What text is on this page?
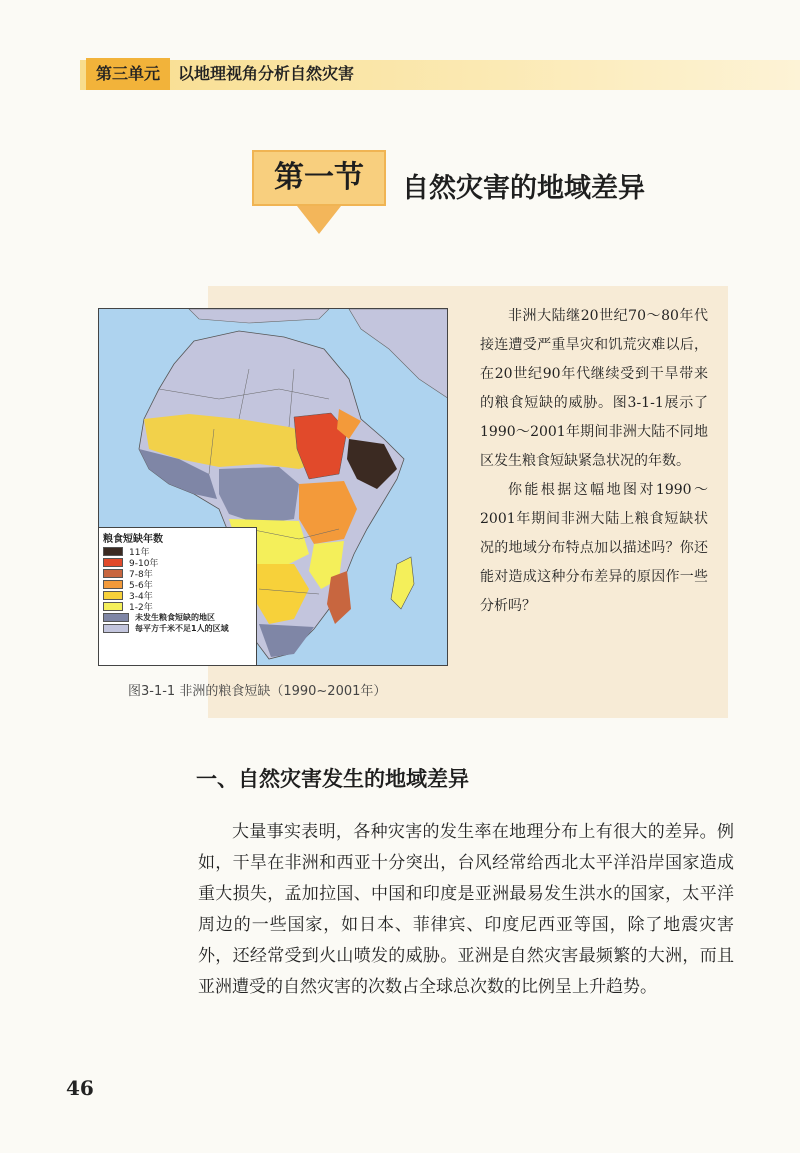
第三单元	以地理视角分析自然灾害
第一节	自然灾害的地域差异
粮食短缺年数
11年
9-10年
7-8年
5-6年
3-4年
1-2年
未发生粮食短缺的地区
每平方千米不足1人的区域
图3-1-1 非洲的粮食短缺（1990~2001年）

非洲大陆继20世纪70～80年代接连遭受严重旱灾和饥荒灾难以后，在20世纪90年代继续受到干旱带来的粮食短缺的威胁。图3-1-1展示了1990～2001年期间非洲大陆不同地区发生粮食短缺紧急状况的年数。

你能根据这幅地图对1990～2001年期间非洲大陆上粮食短缺状况的地域分布特点加以描述吗？你还能对造成这种分布差异的原因作一些分析吗？

一、自然灾害发生的地域差异

大量事实表明，各种灾害的发生率在地理分布上有很大的差异。例如，干旱在非洲和西亚十分突出，台风经常给西北太平洋沿岸国家造成重大损失，孟加拉国、中国和印度是亚洲最易发生洪水的国家，太平洋周边的一些国家，如日本、菲律宾、印度尼西亚等国，除了地震灾害外，还经常受到火山喷发的威胁。亚洲是自然灾害最频繁的大洲，而且亚洲遭受的自然灾害的次数占全球总次数的比例呈上升趋势。

46
